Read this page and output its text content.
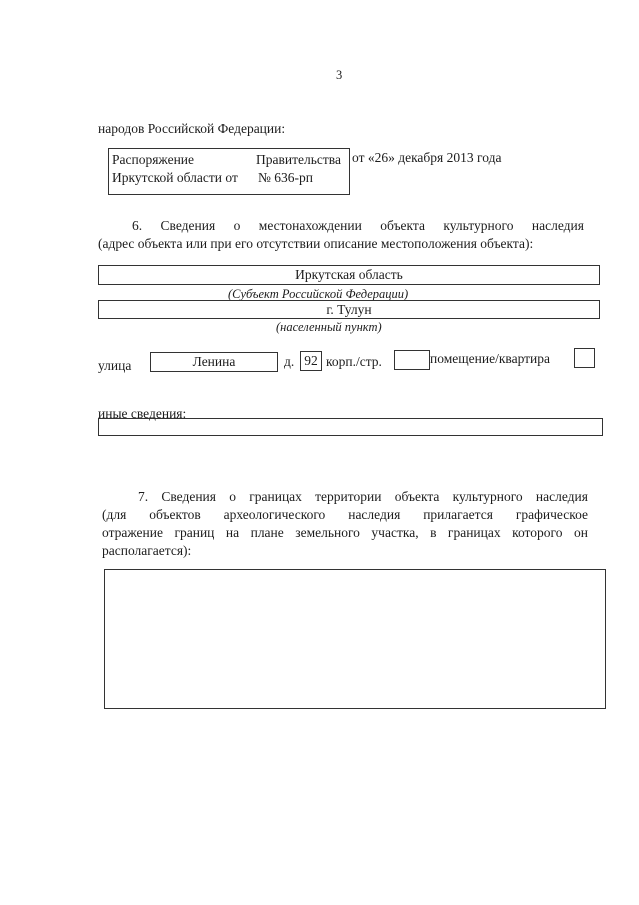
3
народов Российской Федерации:
Распоряжение	Правительства от «26» декабря 2013 года
Иркутской области от № 636-рп
6. Сведения о местонахождении объекта культурного наследия
(адрес объекта или при его отсутствии описание местоположения объекта):
Иркутская область
(Субъект Российской Федерации)
г. Тулун
(населенный пункт)
улица	Ленина	д. 92 корп./стр.	помещение/квартира
иные сведения:
7. Сведения о границах территории объекта культурного наследия
(для объектов археологического наследия прилагается графическое
отражение границ на плане земельного участка, в границах которого он
располагается):
